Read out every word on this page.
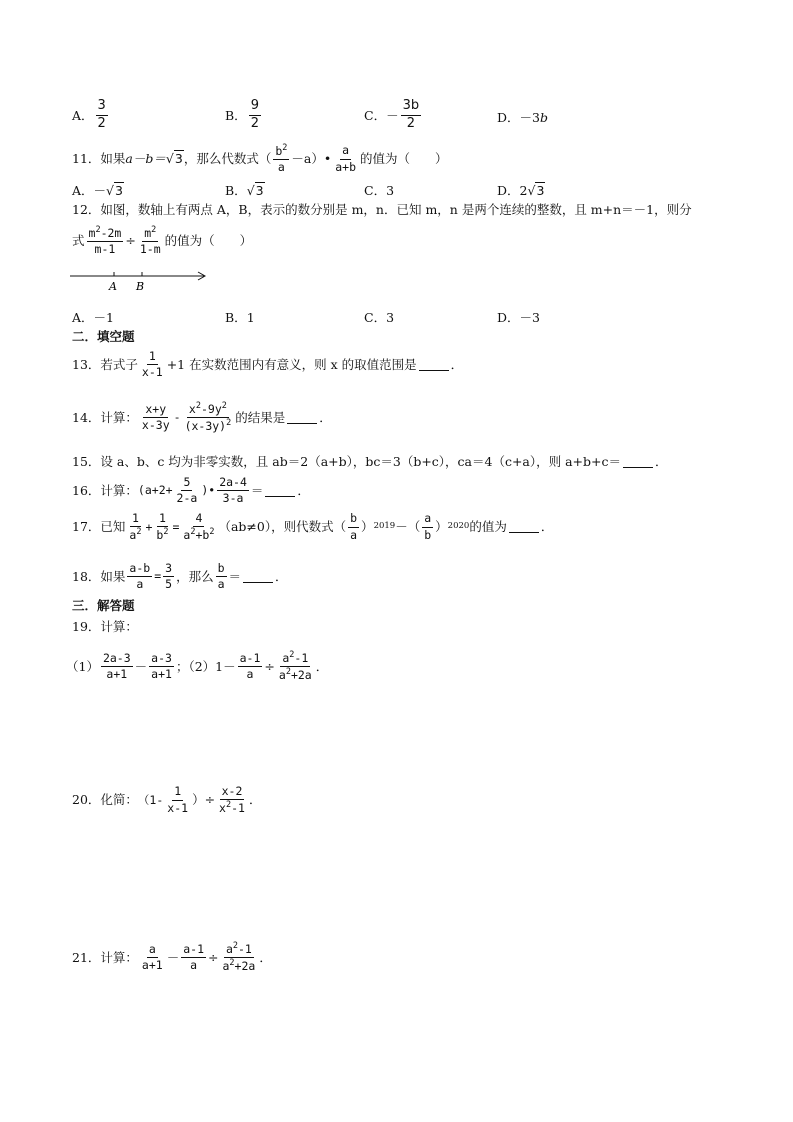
A． $\frac{3}{2}$	B． $\frac{9}{2}$	C． － $\frac{3b}{2}$	D． －3 b
11． 如果 a－b＝ √3 ，那么代数式（ $\frac{b^2}{a}$ －a）• $\frac{a}{a+b}$ 的值为（　　）
A． － √3	B． √3	C． 3	D． 2 √3
12．如图，数轴上有两点 A，B，表示的数分别是 m，n．已知 m，n 是两个连续的整数，且 m+n＝－1，则分
式 $\frac{m^2-2m}{m-1} \div \frac{m^2}{1-m}$ 的值为（　　）
A B
A． －1	B． 1	C． 3	D． －3
二．填空题
13． 若式子 $\frac{1}{x-1} +1$ 在实数范围内有意义，则 x 的取值范围是	．
14． 计算： $\frac{x+y}{x-3y} - \frac{x^2-9y^2}{(x-3y)^2}$ 的结果是	．
15．设 a、b、c 均为非零实数，且 ab＝2（a+b），bc＝3（b+c），ca＝4（c+a），则 a+b+c＝	．
16． 计算： ($a+2+ \frac{5}{2-a}$ )• $\frac{2a-4}{3-a}$ ＝	．
17． 已知 $\frac{1}{a^2} + \frac{1}{b^2} = \frac{4}{a^2+b^2} (ab\ne 0)$，则代数式（ $\frac{b}{a}$ ） 2019 －（ $\frac{a}{b}$ ） 2020 的值为	．
18． 如果 $\frac{a-b}{a} = \frac{3}{5}$ ，那么 $\frac{b}{a}$ ＝	．
三．解答题
19．计算：
$(1) \frac{2a-3}{a+1} - \frac{a-3}{a+1}$ ；$(2)1- \frac{a-1}{a} \div \frac{a^2-1}{a^2+2a}$ ．
20． 化简： （$1- \frac{1}{x-1}$ ）÷ $\frac{x-2}{x^2-1}$ ．
21． 计算： $\frac{a}{a+1} - \frac{a-1}{a} \div \frac{a^2-1}{a^2+2a}$ ．
